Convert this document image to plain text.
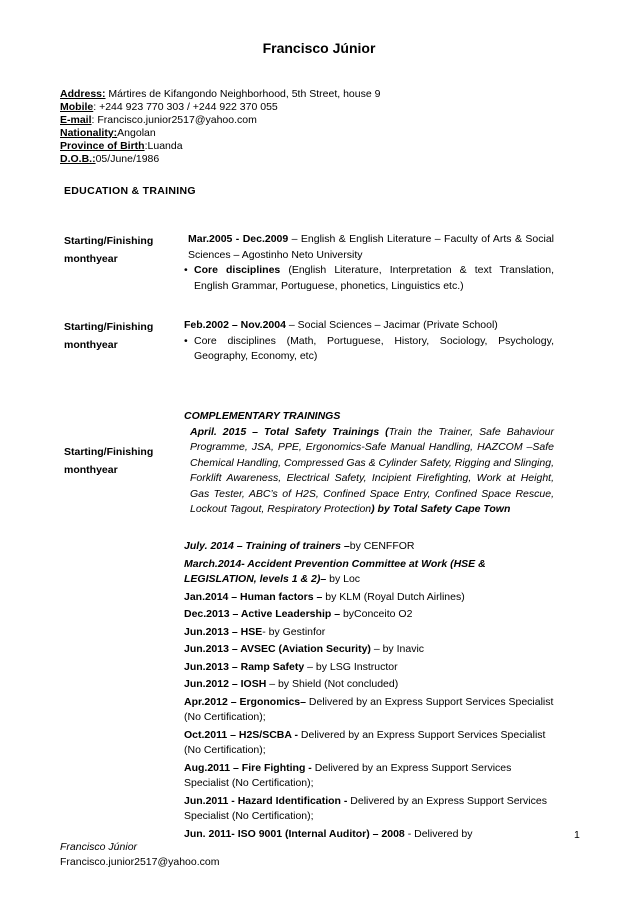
Francisco Júnior
Address: Mártires de Kifangondo Neighborhood, 5th Street, house 9
Mobile: +244 923 770 303 / +244 922 370 055
E-mail: Francisco.junior2517@yahoo.com
Nationality:Angolan
Province of Birth:Luanda
D.O.B.:05/June/1986
EDUCATION & TRAINING
Starting/Finishing
monthyear
Mar.2005 - Dec.2009 – English & English Literature – Faculty of Arts & Social Sciences – Agostinho Neto University
• Core disciplines (English Literature, Interpretation & text Translation, English Grammar, Portuguese, phonetics, Linguistics etc.)
Starting/Finishing
monthyear
Feb.2002 – Nov.2004 – Social Sciences – Jacimar (Private School)
• Core disciplines (Math, Portuguese, History, Sociology, Psychology, Geography, Economy, etc)
Starting/Finishing
monthyear
COMPLEMENTARY TRAININGS
April. 2015 – Total Safety Trainings (Train the Trainer, Safe Bahaviour Programme, JSA, PPE, Ergonomics-Safe Manual Handling, HAZCOM –Safe Chemical Handling, Compressed Gas & Cylinder Safety, Rigging and Slinging, Forklift Awareness, Electrical Safety, Incipient Firefighting, Work at Height, Gas Tester, ABC’s of H2S, Confined Space Entry, Confined Space Rescue, Lockout Tagout, Respiratory Protection) by Total Safety Cape Town
July. 2014 – Training of trainers –by CENFFOR
March.2014- Accident Prevention Committee at Work (HSE & LEGISLATION, levels 1 & 2)– by Loc
Jan.2014 – Human factors – by KLM (Royal Dutch Airlines)
Dec.2013 – Active Leadership – byConceito O2
Jun.2013 – HSE- by Gestinfor
Jun.2013 – AVSEC (Aviation Security) – by Inavic
Jun.2013 – Ramp Safety – by LSG Instructor
Jun.2012 – IOSH – by Shield (Not concluded)
Apr.2012 – Ergonomics– Delivered by an Express Support Services Specialist (No Certification);
Oct.2011 – H2S/SCBA - Delivered by an Express Support Services Specialist (No Certification);
Aug.2011 – Fire Fighting - Delivered by an Express Support Services Specialist (No Certification);
Jun.2011 - Hazard Identification - Delivered by an Express Support Services Specialist (No Certification);
Jun. 2011- ISO 9001 (Internal Auditor) – 2008 - Delivered by	1
Francisco Júnior
Francisco.junior2517@yahoo.com
